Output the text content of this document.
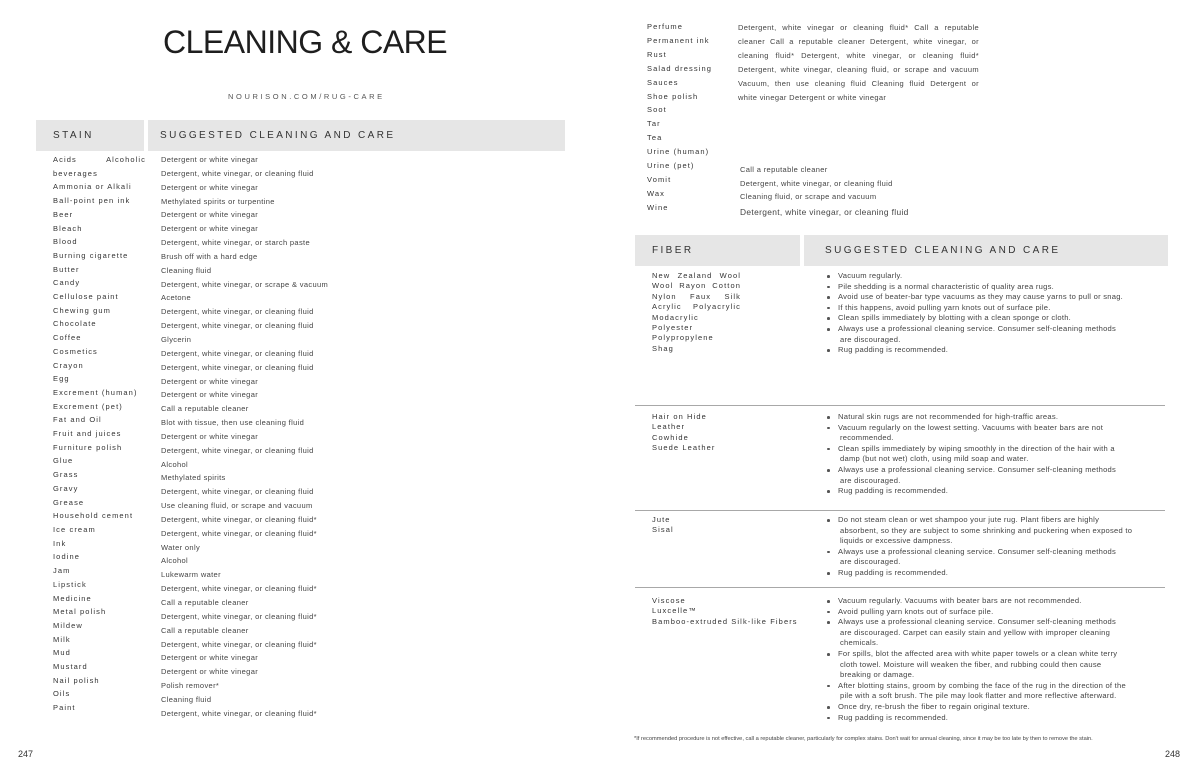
CLEANING & CARE
NOURISON.COM/RUG-CARE
STAIN	SUGGESTED CLEANING AND CARE
Acids Alcoholic
beverages
Ammonia or Alkali
Ball-point pen ink
Beer
Bleach
Blood
Burning cigarette
Butter
Candy
Cellulose paint
Chewing gum
Chocolate
Coffee
Cosmetics
Crayon
Egg
Excrement (human)
Excrement (pet)
Fat and Oil
Fruit and juices
Furniture polish
Glue
Grass
Gravy
Grease
Household cement
Ice cream
Ink
Iodine
Jam
Lipstick
Medicine
Metal polish
Mildew
Milk
Mud
Mustard
Nail polish
Oils
Paint
Detergent or white vinegar
Detergent, white vinegar, or cleaning fluid
Detergent or white vinegar
Methylated spirits or turpentine
Detergent or white vinegar
Detergent or white vinegar
Detergent, white vinegar, or starch paste
Brush off with a hard edge
Cleaning fluid
Detergent, white vinegar, or scrape & vacuum
Acetone
Detergent, white vinegar, or cleaning fluid
Detergent, white vinegar, or cleaning fluid
Glycerin
Detergent, white vinegar, or cleaning fluid
Detergent, white vinegar, or cleaning fluid
Detergent or white vinegar
Detergent or white vinegar
Call a reputable cleaner
Blot with tissue, then use cleaning fluid
Detergent or white vinegar
Detergent, white vinegar, or cleaning fluid
Alcohol
Methylated spirits
Detergent, white vinegar, or cleaning fluid
Use cleaning fluid, or scrape and vacuum
Detergent, white vinegar, or cleaning fluid*
Detergent, white vinegar, or cleaning fluid*
Water only
Alcohol
Lukewarm water
Detergent, white vinegar, or cleaning fluid*
Call a reputable cleaner
Detergent, white vinegar, or cleaning fluid*
Call a reputable cleaner
Detergent, white vinegar, or cleaning fluid*
Detergent or white vinegar
Detergent or white vinegar
Polish remover*
Cleaning fluid
Detergent, white vinegar, or cleaning fluid*
247
Perfume
Permanent ink
Rust
Salad dressing
Sauces
Shoe polish
Soot
Tar
Tea
Urine (human)
Urine (pet)
Vomit
Wax
Wine
Detergent, white vinegar or cleaning fluid* Call a reputable
cleaner Call a reputable cleaner Detergent, white vinegar, or
cleaning fluid* Detergent, white vinegar, or cleaning fluid*
Detergent, white vinegar, cleaning fluid, or scrape and vacuum
Vacuum, then use cleaning fluid Cleaning fluid Detergent or
white vinegar Detergent or white vinegar
Call a reputable cleaner
Detergent, white vinegar, or cleaning fluid
Cleaning fluid, or scrape and vacuum
Detergent, white vinegar, or cleaning fluid
FIBER	SUGGESTED CLEANING AND CARE
New Zealand Wool
Wool Rayon Cotton
Nylon Faux Silk
Acrylic Polyacrylic
Modacrylic
Polyester
Polypropylene
Shag
Vacuum regularly.
Pile shedding is a normal characteristic of quality area rugs.
Avoid use of beater-bar type vacuums as they may cause yarns to pull or snag.
If this happens, avoid pulling yarn knots out of surface pile.
Clean spills immediately by blotting with a clean sponge or cloth.
Always use a professional cleaning service. Consumer self-cleaning methods
are discouraged.
Rug padding is recommended.
Hair on Hide
Leather
Cowhide
Suede Leather
Natural skin rugs are not recommended for high-traffic areas.
Vacuum regularly on the lowest setting. Vacuums with beater bars are not
recommended.
Clean spills immediately by wiping smoothly in the direction of the hair with a
damp (but not wet) cloth, using mild soap and water.
Always use a professional cleaning service. Consumer self-cleaning methods
are discouraged.
Rug padding is recommended.
Jute
Sisal
Do not steam clean or wet shampoo your jute rug. Plant fibers are highly
absorbent, so they are subject to some shrinking and puckering when exposed to
liquids or excessive dampness.
Always use a professional cleaning service. Consumer self-cleaning methods
are discouraged.
Rug padding is recommended.
Viscose
Luxcelle™
Bamboo-extruded Silk-like Fibers
Vacuum regularly. Vacuums with beater bars are not recommended.
Avoid pulling yarn knots out of surface pile.
Always use a professional cleaning service. Consumer self-cleaning methods
are discouraged. Carpet can easily stain and yellow with improper cleaning
chemicals.
For spills, blot the affected area with white paper towels or a clean white terry
cloth towel. Moisture will weaken the fiber, and rubbing could then cause
breaking or damage.
After blotting stains, groom by combing the face of the rug in the direction of the
pile with a soft brush. The pile may look flatter and more reflective afterward.
Once dry, re-brush the fiber to regain original texture.
Rug padding is recommended.
*If recommended procedure is not effective, call a reputable cleaner, particularly for complex stains. Don't wait for annual cleaning, since it may be too late by then to remove the stain.
248
